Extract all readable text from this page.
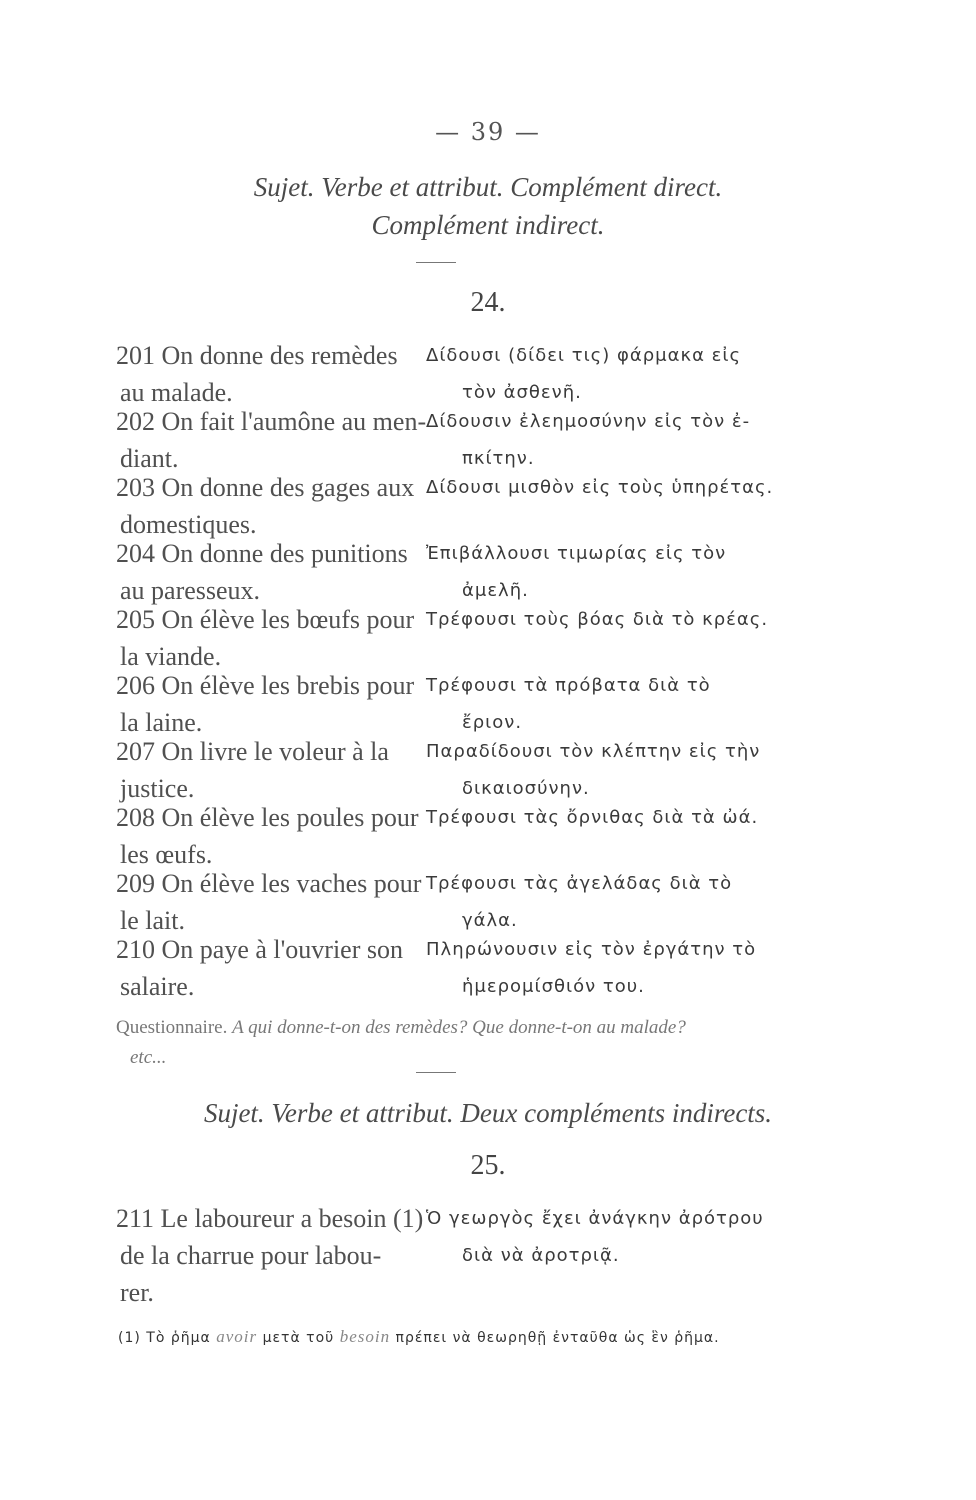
— 39 —
Sujet. Verbe et attribut. Complément direct.
Complément indirect.
24.
201 On donne des remèdes
au malade.
Δίδουσι (δίδει τις) φάρμακα εἰς
τὸν ἀσθενῆ.
202 On fait l'aumône au men-
diant.
Δίδουσιν ἐλεημοσύνην εἰς τὸν ἐ-
πκίτην.
203 On donne des gages aux
domestiques.
Δίδουσι μισθὸν εἰς τοὺς ὑπηρέτας.
204 On donne des punitions
au paresseux.
Ἐπιβάλλουσι τιμωρίας εἰς τὸν
ἀμελῆ.
205 On élève les bœufs pour
la viande.
Τρέφουσι τοὺς βόας διὰ τὸ κρέας.
206 On élève les brebis pour
la laine.
Τρέφουσι τὰ πρόβατα διὰ τὸ
ἔριον.
207 On livre le voleur à la
justice.
Παραδίδουσι τὸν κλέπτην εἰς τὴν
δικαιοσύνην.
208 On élève les poules pour
les œufs.
Τρέφουσι τὰς ὄρνιθας διὰ τὰ ὠά.
209 On élève les vaches pour
le lait.
Τρέφουσι τὰς ἀγελάδας διὰ τὸ
γάλα.
210 On paye à l'ouvrier son
salaire.
Πληρώνουσιν εἰς τὸν ἐργάτην τὸ
ἡμερομίσθιόν του.
Questionnaire. A qui donne-t-on des remèdes? Que donne-t-on au malade?
etc...
Sujet. Verbe et attribut. Deux compléments indirects.
25.
211 Le laboureur a besoin (1)
de la charrue pour labou-
rer.
Ὁ γεωργὸς ἔχει ἀνάγκην ἀρότρου
διὰ νὰ ἀροτριᾷ.
(1) Τὸ ῥῆμα avoir μετὰ τοῦ besoin πρέπει νὰ θεωρηθῇ ἐνταῦθα ὡς ἓν ῥῆμα.
